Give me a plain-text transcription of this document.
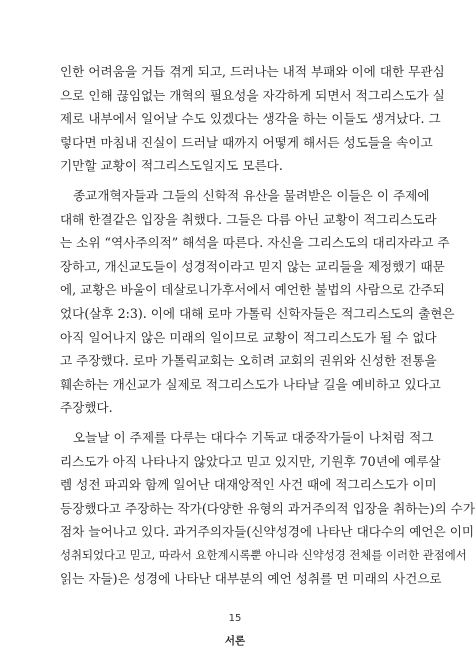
인한 어려움을 거듭 겪게 되고, 드러나는 내적 부패와 이에 대한 무관심
으로 인해 끊임없는 개혁의 필요성을 자각하게 되면서 적그리스도가 실
제로 내부에서 일어날 수도 있겠다는 생각을 하는 이들도 생겨났다. 그
렇다면 마침내 진실이 드러날 때까지 어떻게 해서든 성도들을 속이고
기만할 교황이 적그리스도일지도 모른다.
종교개혁자들과 그들의 신학적 유산을 물려받은 이들은 이 주제에
대해 한결같은 입장을 취했다. 그들은 다름 아닌 교황이 적그리스도라
는 소위 “역사주의적” 해석을 따른다. 자신을 그리스도의 대리자라고 주
장하고, 개신교도들이 성경적이라고 믿지 않는 교리들을 제정했기 때문
에, 교황은 바울이 데살로니가후서에서 예언한 불법의 사람으로 간주되
었다(살후 2:3). 이에 대해 로마 가톨릭 신학자들은 적그리스도의 출현은
아직 일어나지 않은 미래의 일이므로 교황이 적그리스도가 될 수 없다
고 주장했다. 로마 가톨릭교회는 오히려 교회의 권위와 신성한 전통을
훼손하는 개신교가 실제로 적그리스도가 나타날 길을 예비하고 있다고
주장했다.
오늘날 이 주제를 다루는 대다수 기독교 대중작가들이 나처럼 적그
리스도가 아직 나타나지 않았다고 믿고 있지만, 기원후 70년에 예루살
렘 성전 파괴와 함께 일어난 대재앙적인 사건 때에 적그리스도가 이미
등장했다고 주장하는 작가(다양한 유형의 과거주의적 입장을 취하는)의 수가
점차 늘어나고 있다. 과거주의자들(신약성경에 나타난 대다수의 예언은 이미
성취되었다고 믿고, 따라서 요한계시록뿐 아니라 신약성경 전체를 이러한 관점에서
읽는 자들)은 성경에 나타난 대부분의 예언 성취를 먼 미래의 사건으로
15
서론
